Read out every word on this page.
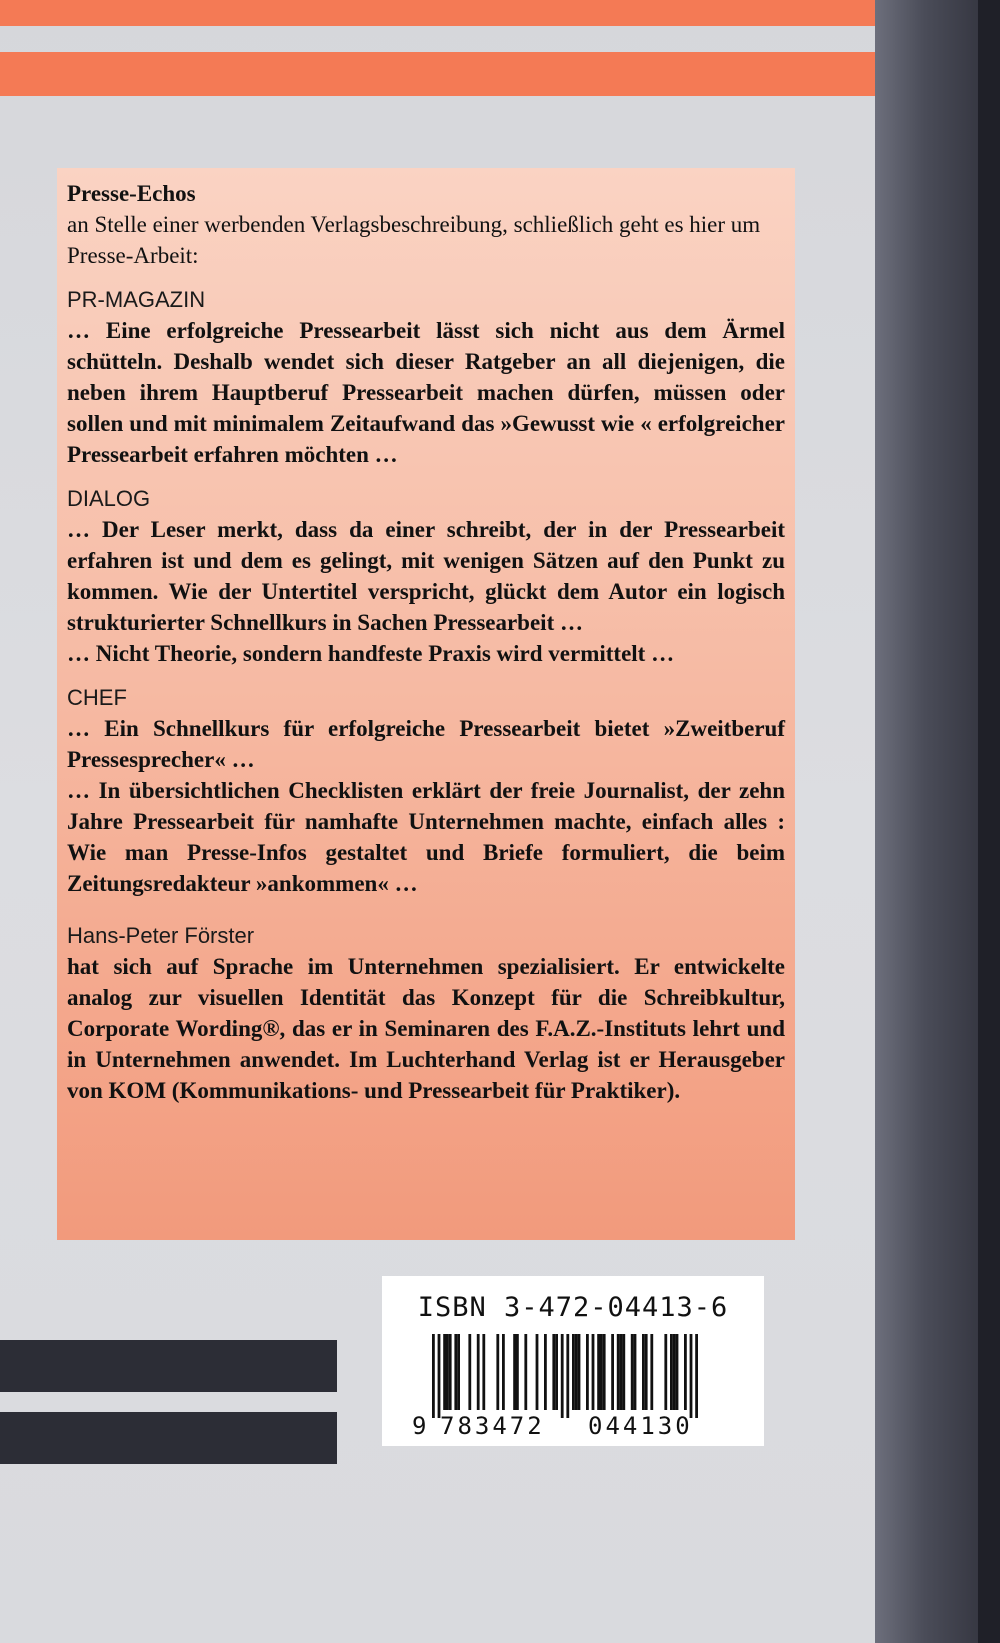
Presse-Echos

an Stelle einer werbenden Verlagsbeschreibung, schließlich geht es hier um Presse-Arbeit:

PR-MAGAZIN

… Eine erfolgreiche Pressearbeit lässt sich nicht aus dem Ärmel schütteln. Deshalb wendet sich dieser Ratgeber an all diejenigen, die neben ihrem Hauptberuf Pressearbeit machen dürfen, müssen oder sollen und mit minimalem Zeitaufwand das »Gewusst wie « erfolgreicher Pressearbeit erfahren möchten …

DIALOG

… Der Leser merkt, dass da einer schreibt, der in der Pressearbeit erfahren ist und dem es gelingt, mit wenigen Sätzen auf den Punkt zu kommen. Wie der Untertitel verspricht, glückt dem Autor ein logisch strukturierter Schnellkurs in Sachen Pressearbeit …

… Nicht Theorie, sondern handfeste Praxis wird vermittelt …

CHEF

… Ein Schnellkurs für erfolgreiche Pressearbeit bietet »Zweitberuf Pressesprecher« …

… In übersichtlichen Checklisten erklärt der freie Journalist, der zehn Jahre Pressearbeit für namhafte Unternehmen machte, einfach alles : Wie man Presse-Infos gestaltet und Briefe formuliert, die beim Zeitungsredakteur »ankommen« …

Hans-Peter Förster

hat sich auf Sprache im Unternehmen spezialisiert. Er entwickelte analog zur visuellen Identität das Konzept für die Schreibkultur, Corporate Wording®, das er in Seminaren des F.A.Z.-Instituts lehrt und in Unternehmen anwendet. Im Luchterhand Verlag ist er Herausgeber von KOM (Kommunikations- und Pressearbeit für Praktiker).

ISBN 3-472-04413-6
9 783472 044130
